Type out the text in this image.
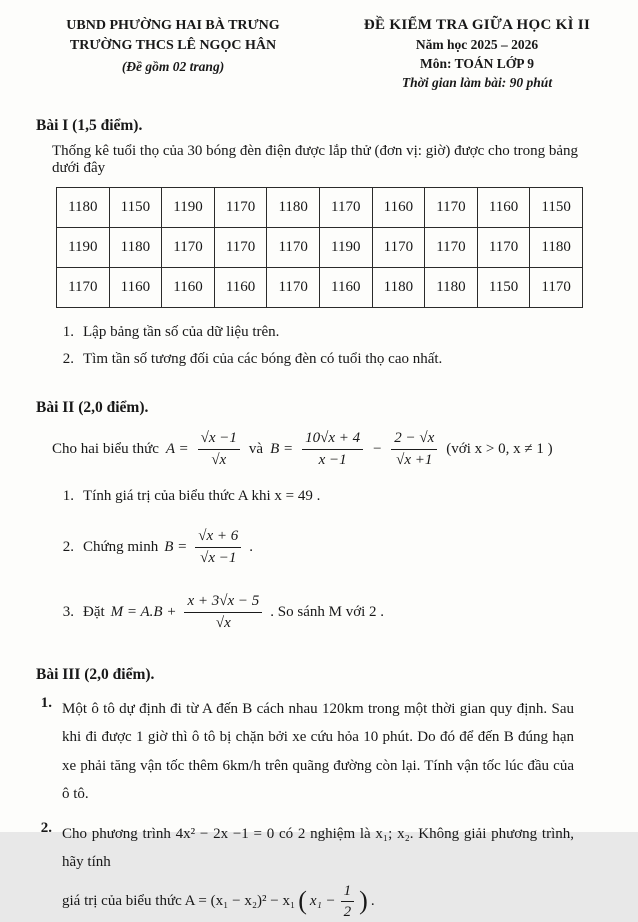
UBND PHƯỜNG HAI BÀ TRƯNG
TRƯỜNG THCS LÊ NGỌC HÂN
(Đề gồm 02 trang)
ĐỀ KIỂM TRA GIỮA HỌC KÌ II
Năm học 2025 – 2026
Môn: TOÁN LỚP 9
Thời gian làm bài: 90 phút
Bài I (1,5 điểm).
Thống kê tuổi thọ của 30 bóng đèn điện được lắp thử (đơn vị: giờ) được cho trong bảng dưới đây
1180	1150	1190	1170	1180	1170	1160	1170	1160	1150
1190	1180	1170	1170	1170	1190	1170	1170	1170	1180
1170	1160	1160	1160	1170	1160	1180	1180	1150	1170
1. Lập bảng tần số của dữ liệu trên.
2. Tìm tần số tương đối của các bóng đèn có tuổi thọ cao nhất.
Bài II (2,0 điểm).
Cho hai biểu thức $A = \frac{√x -1}{√x}$ và $B = \frac{10√x + 4}{x -1} - \frac{2 - √x}{√x +1}$ (với x > 0, x ≠ 1 )
1. Tính giá trị của biểu thức A khi x = 49 .
2. Chứng minh $B = \frac{√x + 6}{√x -1}$ .
3. Đặt $M = A.B + \frac{x + 3√x - 5}{√x}$ . So sánh M với 2 .
Bài III (2,0 điểm).
1. Một ô tô dự định đi từ A đến B cách nhau 120km trong một thời gian quy định. Sau khi đi được 1 giờ thì ô tô bị chặn bởi xe cứu hỏa 10 phút. Do đó để đến B đúng hạn xe phải tăng vận tốc thêm 6km/h trên quãng đường còn lại. Tính vận tốc lúc đầu của ô tô.
2. Cho phương trình 4x² − 2x −1 = 0 có 2 nghiệm là x₁; x₂. Không giải phương trình, hãy tính
giá trị của biểu thức A = (x₁ − x₂)² − x₁ ( $x_1 - \frac{1}{2}$ ) .
